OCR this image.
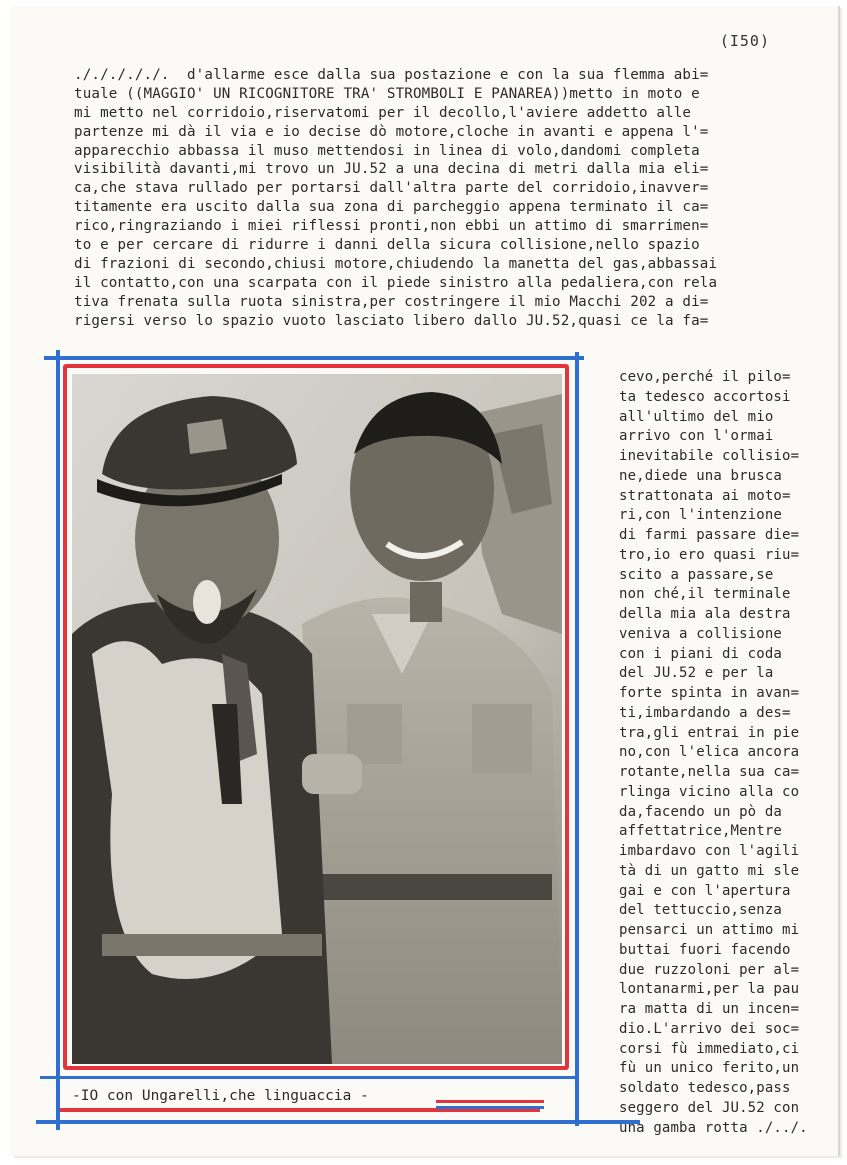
(I50)
./././././.  d'allarme esce dalla sua postazione e con la sua flemma abi=
tuale ((MAGGIO' UN RICOGNITORE TRA' STROMBOLI E PANAREA))metto in moto e
mi metto nel corridoio,riservatomi per il decollo,l'aviere addetto alle
partenze mi dà il via e io decise dò motore,cloche in avanti e appena l'=
apparecchio abbassa il muso mettendosi in linea di volo,dandomi completa
visibilità davanti,mi trovo un JU.52 a una decina di metri dalla mia eli=
ca,che stava rullado per portarsi dall'altra parte del corridoio,inavver=
titamente era uscito dalla sua zona di parcheggio appena terminato il ca=
rico,ringraziando i miei riflessi pronti,non ebbi un attimo di smarrimen=
to e per cercare di ridurre i danni della sicura collisione,nello spazio
di frazioni di secondo,chiusi motore,chiudendo la manetta del gas,abbassai
il contatto,con una scarpata con il piede sinistro alla pedaliera,con rela
tiva frenata sulla ruota sinistra,per costringere il mio Macchi 202 a di=
rigersi verso lo spazio vuoto lasciato libero dallo JU.52,quasi ce la fa=
cevo,perché il pilo=
ta tedesco accortosi
all'ultimo del mio
arrivo con l'ormai
inevitabile collisio=
ne,diede una brusca
strattonata ai moto=
ri,con l'intenzione
di farmi passare die=
tro,io ero quasi riu=
scito a passare,se
non ché,il terminale
della mia ala destra
veniva a collisione
con i piani di coda
del JU.52 e per la
forte spinta in avan=
ti,imbardando a des=
tra,gli entrai in pie
no,con l'elica ancora
rotante,nella sua ca=
rlinga vicino alla co
da,facendo un pò da
affettatrice,Mentre
imbardavo con l'agili
tà di un gatto mi sle
gai e con l'apertura
del tettuccio,senza
pensarci un attimo mi
buttai fuori facendo
due ruzzoloni per al=
lontanarmi,per la pau
ra matta di un incen=
dio.L'arrivo dei soc=
corsi fù immediato,ci
fù un unico ferito,un
soldato tedesco,pass
seggero del JU.52 con
una gamba rotta ./../.
-IO con Ungarelli,che linguaccia -
